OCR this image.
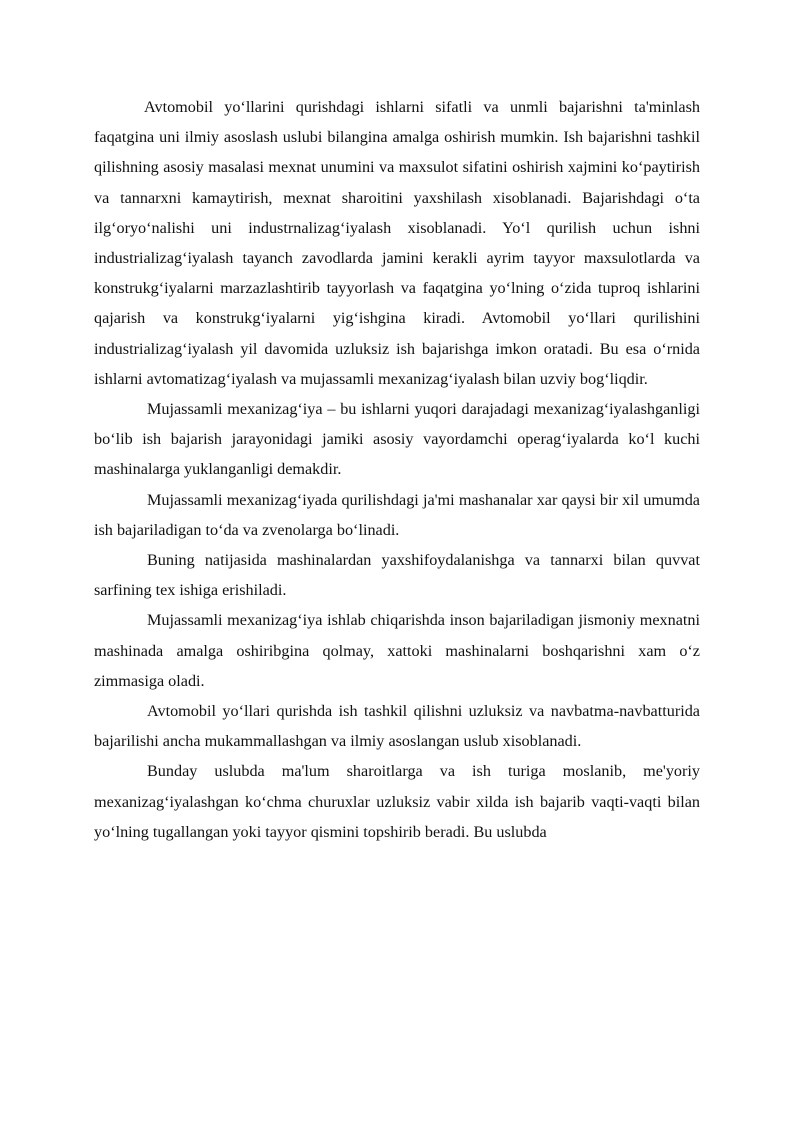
Avtomobil yo‘llarini qurishdagi ishlarni sifatli va unmli bajarishni ta'minlash faqatgina uni ilmiy asoslash uslubi bilangina amalga oshirish mumkin. Ish bajarishni tashkil qilishning asosiy masalasi mexnat unumini va maxsulot sifatini oshirish xajmini ko‘paytirish va tannarxni kamaytirish, mexnat sharoitini yaxshilash xisoblanadi. Bajarishdagi o‘ta ilg‘oryo‘nalishi uni industrnalizag‘iyalash xisoblanadi. Yo‘l qurilish uchun ishni industrializag‘iyalash tayanch zavodlarda jamini kerakli ayrim tayyor maxsulotlarda va konstrukg‘iyalarni marzazlashtirib tayyorlash va faqatgina yo‘lning o‘zida tuproq ishlarini qajarish va konstrukg‘iyalarni yig‘ishgina kiradi. Avtomobil yo‘llari qurilishini industrializag‘iyalash yil davomida uzluksiz ish bajarishga imkon oratadi. Bu esa o‘rnida ishlarni avtomatizag‘iyalash va mujassamli mexanizag‘iyalash bilan uzviy bog‘liqdir.

Mujassamli mexanizag‘iya – bu ishlarni yuqori darajadagi mexanizag‘iyalashganligi bo‘lib ish bajarish jarayonidagi jamiki asosiy vayordamchi operag‘iyalarda ko‘l kuchi mashinalarga yuklanganligi demakdir.

Mujassamli mexanizag‘iyada qurilishdagi ja'mi mashanalar xar qaysi bir xil umumda ish bajariladigan to‘da va zvenolarga bo‘linadi.

Buning natijasida mashinalardan yaxshifoydalanishga va tannarxi bilan quvvat sarfining tex ishiga erishiladi.

Mujassamli mexanizag‘iya ishlab chiqarishda inson bajariladigan jismoniy mexnatni mashinada amalga oshiribgina qolmay, xattoki mashinalarni boshqarishni xam o‘z zimmasiga oladi.

Avtomobil yo‘llari qurishda ish tashkil qilishni uzluksiz va navbatma-navbatturida bajarilishi ancha mukammallashgan va ilmiy asoslangan uslub xisoblanadi.

Bunday uslubda ma'lum sharoitlarga va ish turiga moslanib, me'yoriy mexanizag‘iyalashgan ko‘chma churuxlar uzluksiz vabir xilda ish bajarib vaqti-vaqti bilan yo‘lning tugallangan yoki tayyor qismini topshirib beradi. Bu uslubda
